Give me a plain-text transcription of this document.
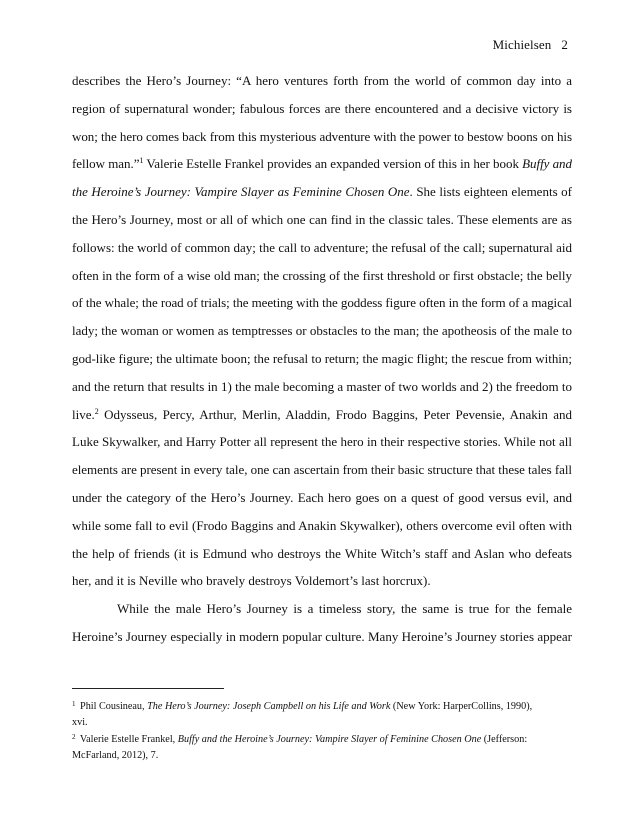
Michielsen 2
describes the Hero’s Journey: “A hero ventures forth from the world of common day into a
region of supernatural wonder; fabulous forces are there encountered and a decisive victory is
won; the hero comes back from this mysterious adventure with the power to bestow boons on his
fellow man.”$^1$ Valerie Estelle Frankel provides an expanded version of this in her book Buffy and
the Heroine’s Journey: Vampire Slayer as Feminine Chosen One. She lists eighteen elements of
the Hero’s Journey, most or all of which one can find in the classic tales. These elements are as
follows: the world of common day; the call to adventure; the refusal of the call; supernatural aid
often in the form of a wise old man; the crossing of the first threshold or first obstacle; the belly
of the whale; the road of trials; the meeting with the goddess figure often in the form of a magical
lady; the woman or women as temptresses or obstacles to the man; the apotheosis of the male to
god-like figure; the ultimate boon; the refusal to return; the magic flight; the rescue from within;
and the return that results in 1) the male becoming a master of two worlds and 2) the freedom to
live.$^2$ Odysseus, Percy, Arthur, Merlin, Aladdin, Frodo Baggins, Peter Pevensie, Anakin and
Luke Skywalker, and Harry Potter all represent the hero in their respective stories. While not all
elements are present in every tale, one can ascertain from their basic structure that these tales fall
under the category of the Hero’s Journey. Each hero goes on a quest of good versus evil, and
while some fall to evil (Frodo Baggins and Anakin Skywalker), others overcome evil often with
the help of friends (it is Edmund who destroys the White Witch’s staff and Aslan who defeats
her, and it is Neville who bravely destroys Voldemort’s last horcrux).
While the male Hero’s Journey is a timeless story, the same is true for the female
Heroine’s Journey especially in modern popular culture. Many Heroine’s Journey stories appear
$^1$ Phil Cousineau, The Hero’s Journey: Joseph Campbell on his Life and Work (New York: HarperCollins, 1990),
xvi.
$^2$ Valerie Estelle Frankel, Buffy and the Heroine’s Journey: Vampire Slayer of Feminine Chosen One (Jefferson:
McFarland, 2012), 7.
